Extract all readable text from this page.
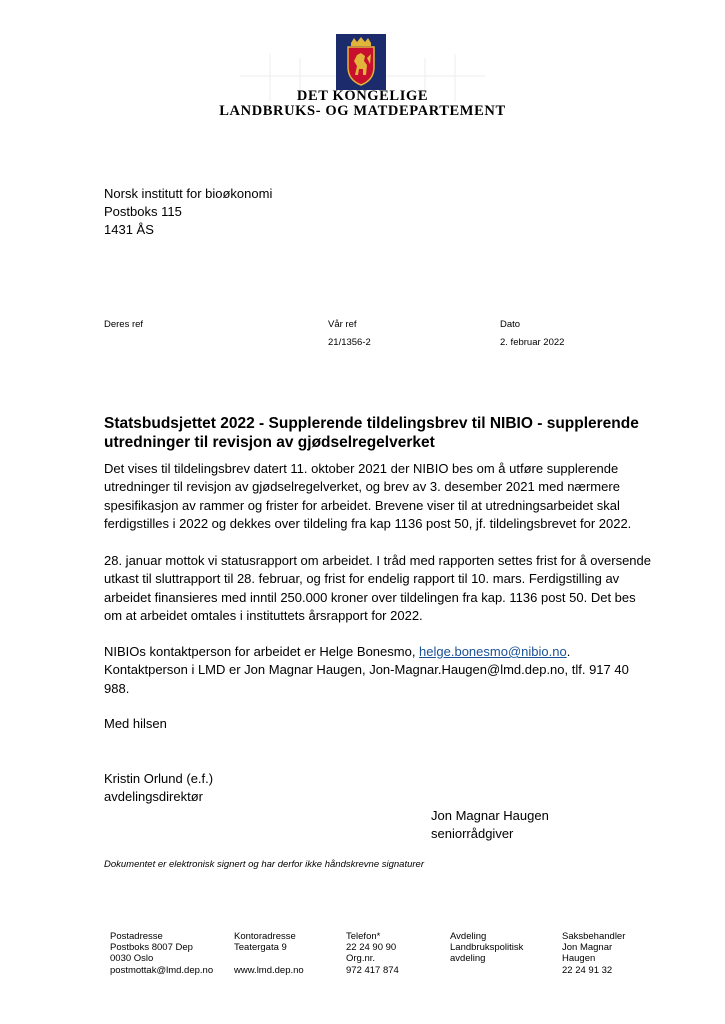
DET KONGELIGE
LANDBRUKS- OG MATDEPARTEMENT
Norsk institutt for bioøkonomi
Postboks 115
1431 ÅS
Deres ref	Vår ref
21/1356-2
Dato
2. februar 2022
Statsbudsjettet 2022 - Supplerende tildelingsbrev til NIBIO - supplerende utredninger til revisjon av gjødselregelverket
Det vises til tildelingsbrev datert 11. oktober 2021 der NIBIO bes om å utføre supplerende utredninger til revisjon av gjødselregelverket, og brev av 3. desember 2021 med nærmere spesifikasjon av rammer og frister for arbeidet. Brevene viser til at utredningsarbeidet skal ferdigstilles i 2022 og dekkes over tildeling fra kap 1136 post 50, jf. tildelingsbrevet for 2022.
28. januar mottok vi statusrapport om arbeidet. I tråd med rapporten settes frist for å oversende utkast til sluttrapport til 28. februar, og frist for endelig rapport til 10. mars. Ferdigstilling av arbeidet finansieres med inntil 250.000 kroner over tildelingen fra kap. 1136 post 50. Det bes om at arbeidet omtales i instituttets årsrapport for 2022.
NIBIOs kontaktperson for arbeidet er Helge Bonesmo, helge.bonesmo@nibio.no.
Kontaktperson i LMD er Jon Magnar Haugen, Jon-Magnar.Haugen@lmd.dep.no, tlf. 917 40 988.
Med hilsen
Kristin Orlund (e.f.)
avdelingsdirektør
Jon Magnar Haugen
seniorrådgiver
Dokumentet er elektronisk signert og har derfor ikke håndskrevne signaturer
Postadresse
Postboks 8007 Dep
0030 Oslo
postmottak@lmd.dep.no
Kontoradresse
Teatergata 9
www.lmd.dep.no
Telefon*
22 24 90 90
Org.nr.
972 417 874
Avdeling
Landbrukspolitisk
avdeling
Saksbehandler
Jon Magnar
Haugen
22 24 91 32
